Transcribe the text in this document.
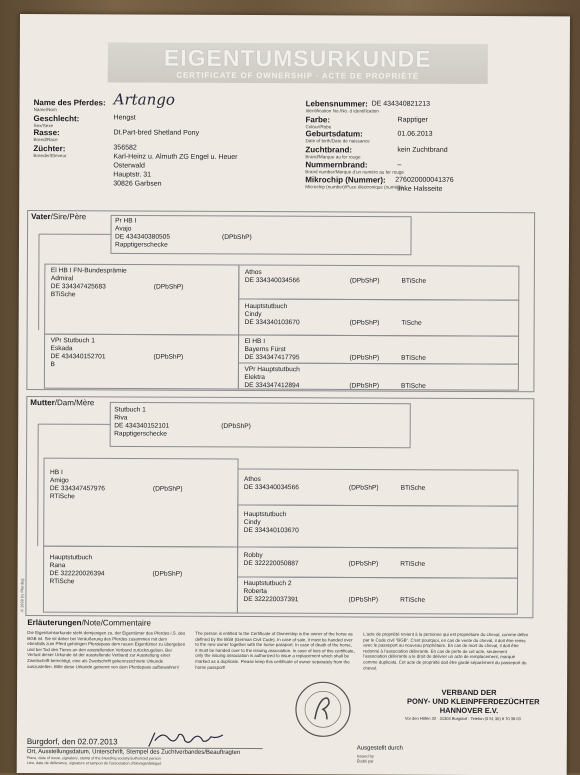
EIGENTUMSURKUNDE
CERTIFICATE OF OWNERSHIP · ACTE DE PROPRIÉTÉ
Name des Pferdes:
Name/Nom
Artango
Geschlecht:
Sex/Sexe
Hengst
Rasse:
Breed/Race
Dt.Part-bred Shetland Pony
Züchter:
Breeder/Eleveur
356582
Karl-Heinz u. Almuth ZG Engel u. Heuer
Osterwald
Hauptstr. 31
30826 Garbsen
Lebensnummer:
Identification No./No. d identification
DE 434340821213
Farbe:
Colour/Robe
Rapptiger
Geburtsdatum:
Date of birth/Date de naissance
01.06.2013
Zuchtbrand:
Brand/Marque au fer rouge
kein Zuchtbrand
Nummernbrand:
Brand number/Marque d'un numéro au fer rouge
–
Mikrochip (Nummer):
Microchip (number)/Puce électronique (numéro)
276020000041376
linke Halsseite
Vater/Sire/Père	Pr HB I
Avajo
DE 434340380505	(DPbShP)
Rapptigerschecke
El HB I FN-Bundesprämie
Admiral
DE 334347425683	(DPbShP)
BTiSche
VPr Stutbuch 1
Eskada
DE 434340152701	(DPbShP)
B
Athos
DE 334340034566	(DPbShP)	BTiSche
Hauptstutbuch
Cindy
DE 334340103670	(DPbShP)	TiSche
El HB I
Bayerns Fürst
DE 334347417795	(DPbShP)	BTiSche
VPr Hauptstutbuch
Elektra
DE 334347412894	(DPbShP)	BTiSche
Mutter/Dam/Mère
Stutbuch 1
Riva
DE 434340152101	(DPbShP)
Rapptigerschecke
HB I
Amigo
DE 334347457976	(DPbShP)
RTiSche
Hauptstutbuch
Rana
DE 322220026394	(DPbShP)
RTiSche
Athos
DE 334340034566	(DPbShP)	BTiSche
Hauptstutbuch
Cindy
DE 334340103670
Robby
DE 322220050887	(DPbShP)	RTiSche
Hauptstutbuch 2
Roberta
DE 322220037391	(DPbShP)	RTiSche
© 1999 by Pferdeg
Erläuterungen/Note/Commentaire
Die Eigentumsurkunde steht demjenigen zu, der Eigentümer des Pferdes i.S. des BGB ist. Sie ist daher bei Veräußerung des Pferdes zusammen mit dem ebenfalls zum Pferd gehörigen Pferdepass dem neuen Eigentümer zu übergeben und bei Tod des Tieres an den ausstellenden Verband zurückzugeben. Bei Verlust dieser Urkunde ist der ausstellende Verband zur Ausstellung einer Zweitschrift berechtigt, eine als Zweitschrift gekennzeichnete Urkunde auszustellen. Bitte diese Urkunde getrennt von dem Pferdepass aufbewahren!
The person is entitled to the Certificate of Ownership is the owner of the horse as defined by the BGB (German Civil Code). In case of sale, it must be handed over to the new owner together with the horse passport. In case of death of the horse, it must be handed over to the issuing association. In case of loss of this certificate, only the issuing association is authorized to issue a replacement which shall be marked as a duplicate. Please keep this certificate of owner separately from the horse passport!
L'acte de propriété revient à la personne qui est propriétaire du cheval, comme défini par le Code civil "BGB". C'est pourquoi, en cas de vente du cheval, il doit être remis avec le passeport au nouveau propriétaire. En cas de mort du cheval, il doit être redonné à l'association délivrante. En cas de perte de cet acte, seulement l'association délivrante a le droit de délivrer un acte de remplacement, marqué comme duplicata. Cet acte de propriété doit être gardé séparément du passeport du cheval.
VERBAND DER
PONY- UND KLEINPFERDEZÜCHTER
HANNOVER E.V.
Vor den Höfen 32 · 31303 Burgdorf · Telefon (0 51 36) 9 70 39 03
Burgdorf, den 02.07.2013
Ort, Ausstellungsdatum, Unterschrift, Stempel des Zuchtverbandes/Beauftragten
Place, date of issue, signature, stamp of the breeding society/authorized person
Lieu, date de délivrance, signature et tampon de l'association d'élevage/délégué
Ausgestellt durch
Issued by
Établi par
